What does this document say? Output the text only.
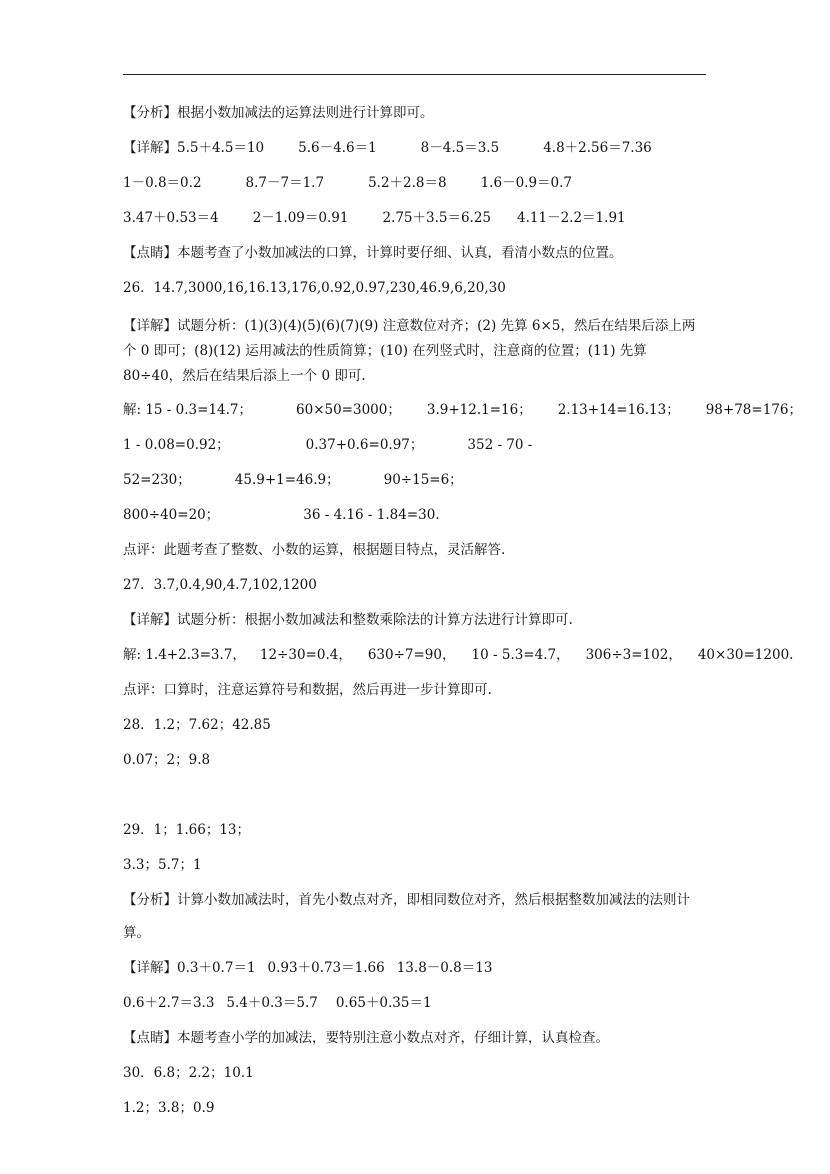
【分析】根据小数加减法的运算法则进行计算即可。
【详解】5.5＋4.5＝10	5.6－4.6＝1	8－4.5＝3.5	4.8＋2.56＝7.36
1－0.8＝0.2	8.7－7＝1.7	5.2＋2.8＝8	1.6－0.9＝0.7
3.47＋0.53＝4	2－1.09＝0.91	2.75＋3.5＝6.25 4.11－2.2＝1.91
【点睛】本题考查了小数加减法的口算，计算时要仔细、认真，看清小数点的位置。
26．14.7,3000,16,16.13,176,0.92,0.97,230,46.9,6,20,30
【详解】试题分析：(1)(3)(4)(5)(6)(7)(9) 注意数位对齐；(2) 先算 6×5，然后在结果后添上两个 0 即可；(8)(12) 运用减法的性质简算；(10) 在列竖式时，注意商的位置；(11) 先算 80÷40，然后在结果后添上一个 0 即可.
解: 15 - 0.3=14.7；	60×50=3000； 3.9+12.1=16； 2.13+14=16.13； 98+78=176；
1 - 0.08=0.92；	0.37+0.6=0.97；	352 - 70 -
52=230；	45.9+1=46.9；	90÷15=6；
800÷40=20；	36 - 4.16 - 1.84=30.
点评：此题考查了整数、小数的运算，根据题目特点，灵活解答.
27．3.7,0.4,90,4.7,102,1200
【详解】试题分析：根据小数加减法和整数乘除法的计算方法进行计算即可.
解: 1.4+2.3=3.7， 12÷30=0.4， 630÷7=90， 10 - 5.3=4.7， 306÷3=102， 40×30=1200.
点评：口算时，注意运算符号和数据，然后再进一步计算即可.
28．1.2；7.62；42.85
0.07；2；9.8
29．1；1.66；13；
3.3；5.7；1
【分析】计算小数加减法时，首先小数点对齐，即相同数位对齐，然后根据整数加减法的法则计算。
【详解】0.3＋0.7＝1 0.93＋0.73＝1.66 13.8－0.8＝13
0.6＋2.7＝3.3 5.4＋0.3＝5.7 0.65＋0.35＝1
【点睛】本题考查小学的加减法，要特别注意小数点对齐，仔细计算，认真检查。
30．6.8；2.2；10.1
1.2；3.8；0.9
